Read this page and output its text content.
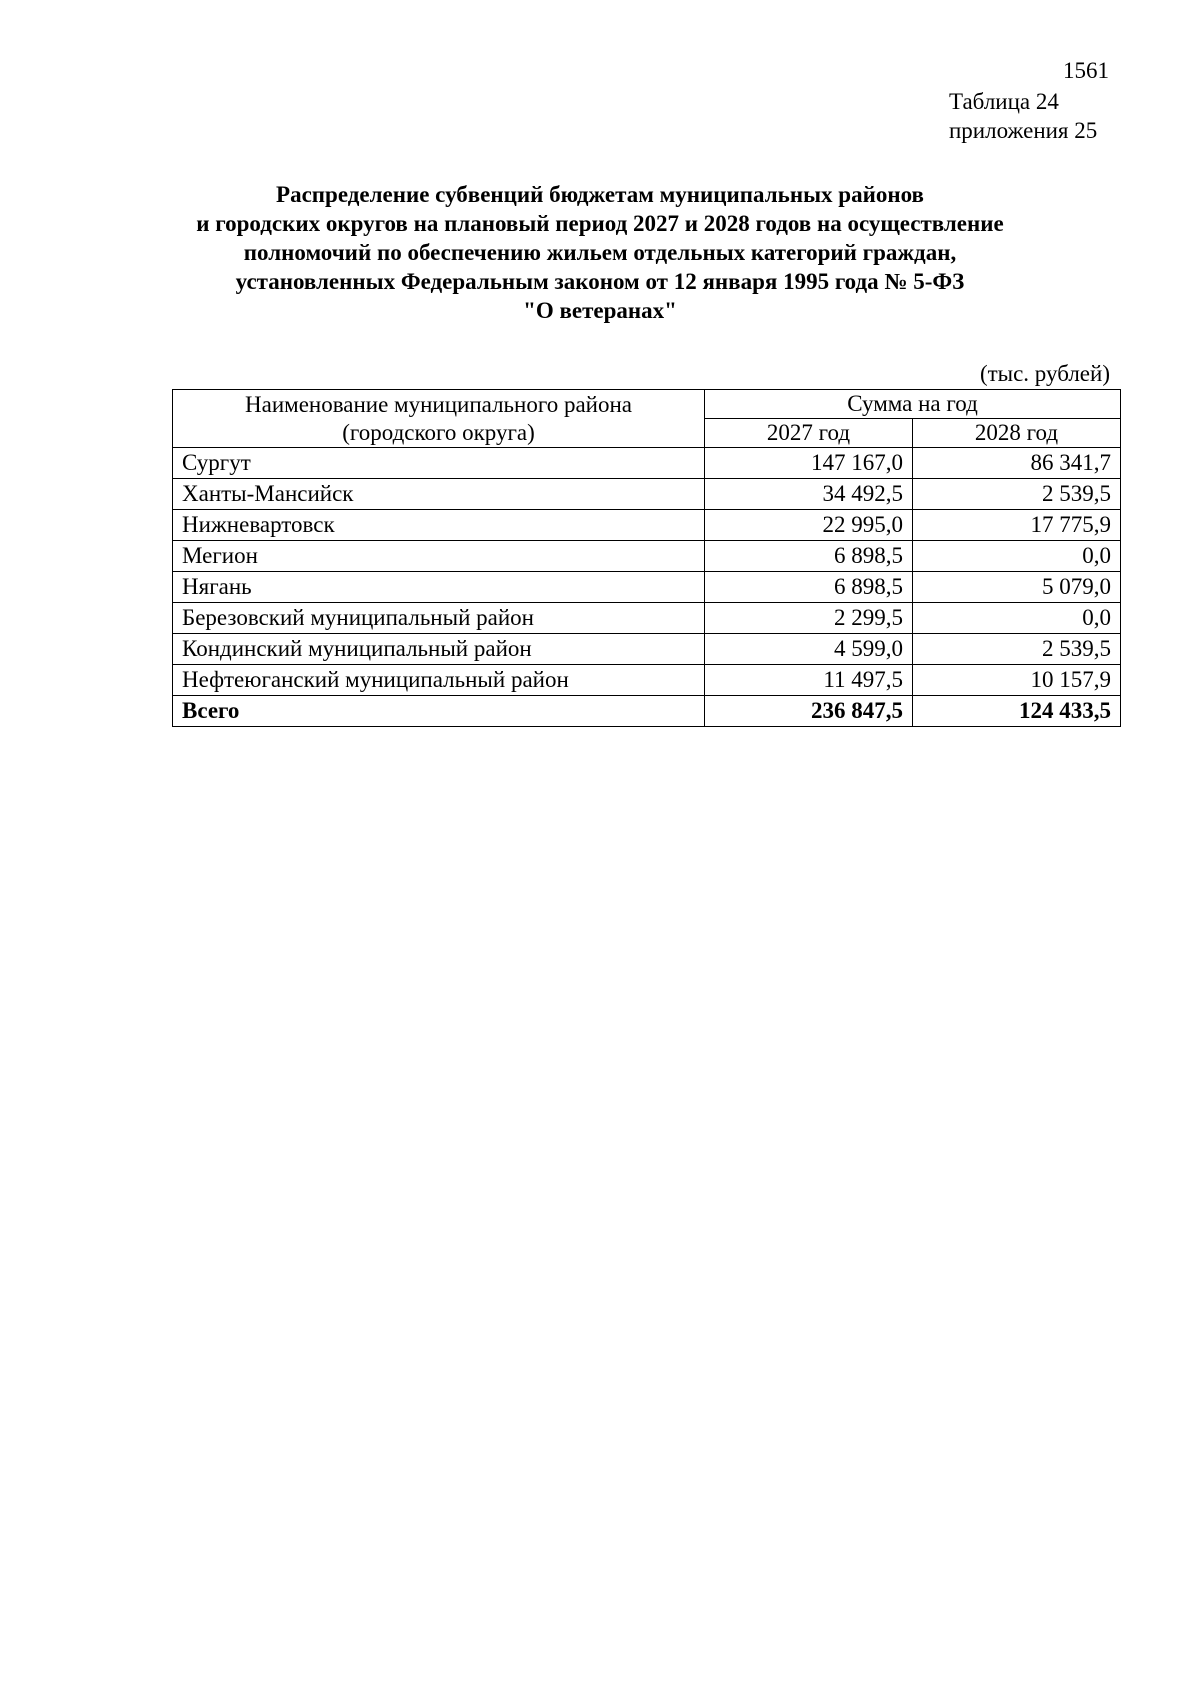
1561
Таблица 24
приложения 25
Распределение субвенций бюджетам муниципальных районов
и городских округов на плановый период 2027 и 2028 годов на осуществление
полномочий по обеспечению жильем отдельных категорий граждан,
установленных Федеральным законом от 12 января 1995 года № 5-ФЗ
"О ветеранах"
(тыс. рублей)
Наименование муниципального района
(городского округа)	Сумма на год	
	2027 год	2028 год
Сургут	147 167,0	86 341,7
Ханты-Мансийск	34 492,5	2 539,5
Нижневартовск	22 995,0	17 775,9
Мегион	6 898,5	0,0
Нягань	6 898,5	5 079,0
Березовский муниципальный район	2 299,5	0,0
Кондинский муниципальный район	4 599,0	2 539,5
Нефтеюганский муниципальный район	11 497,5	10 157,9
Всего	236 847,5	124 433,5
